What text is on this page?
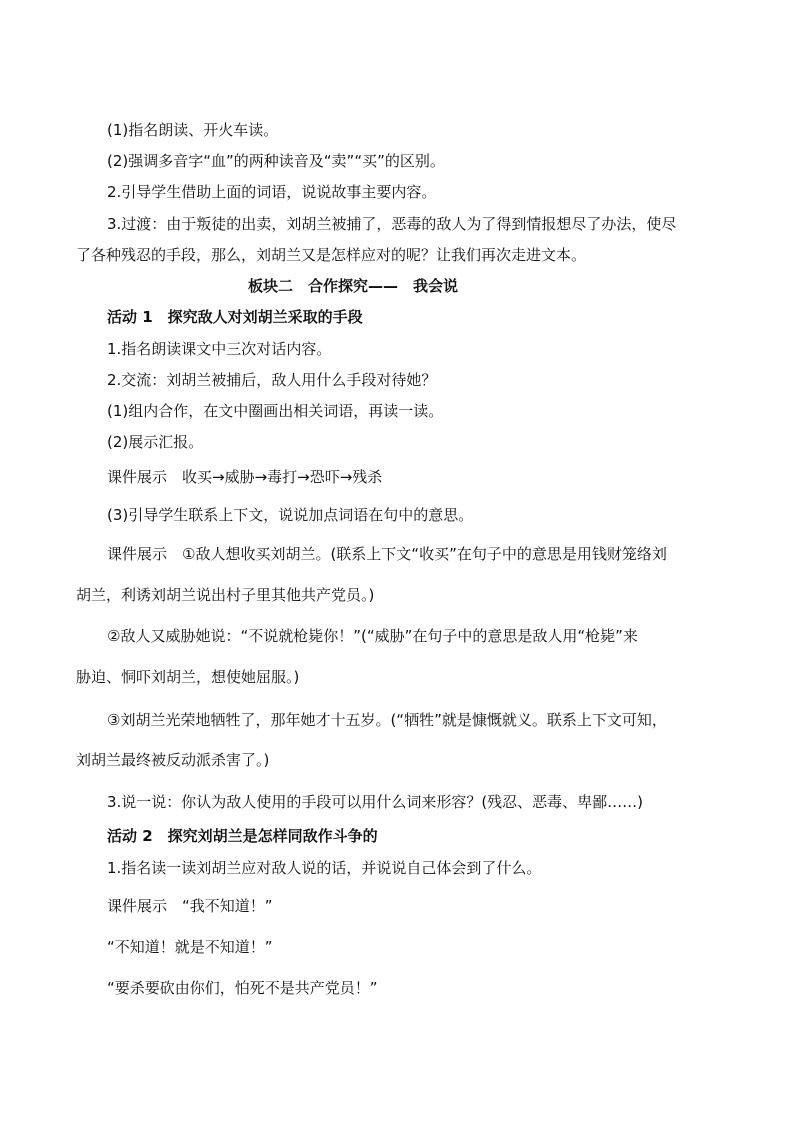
(1)指名朗读、开火车读。
(2)强调多音字“血”的两种读音及“卖”“买”的区别。
2.引导学生借助上面的词语，说说故事主要内容。
3.过渡：由于叛徒的出卖，刘胡兰被捕了，恶毒的敌人为了得到情报想尽了办法，使尽
了各种残忍的手段，那么，刘胡兰又是怎样应对的呢？让我们再次走进文本。
板块二　合作探究——　我会说
活动 1　探究敌人对刘胡兰采取的手段
1.指名朗读课文中三次对话内容。
2.交流：刘胡兰被捕后，敌人用什么手段对待她？
(1)组内合作，在文中圈画出相关词语，再读一读。
(2)展示汇报。
课件展示　收买→威胁→毒打→恐吓→残杀
(3)引导学生联系上下文，说说加点词语在句中的意思。
课件展示　①敌人想收买刘胡兰。(联系上下文“收买”在句子中的意思是用钱财笼络刘
胡兰，利诱刘胡兰说出村子里其他共产党员。)
②敌人又威胁她说：“不说就枪毙你！”(“威胁”在句子中的意思是敌人用“枪毙”来
胁迫、恫吓刘胡兰，想使她屈服。)
③刘胡兰光荣地牺牲了，那年她才十五岁。(“牺牲”就是慷慨就义。联系上下文可知，
刘胡兰最终被反动派杀害了。)
3.说一说：你认为敌人使用的手段可以用什么词来形容？(残忍、恶毒、卑鄙……)
活动 2　探究刘胡兰是怎样同敌作斗争的
1.指名读一读刘胡兰应对敌人说的话，并说说自己体会到了什么。
课件展示　“我不知道！”
“不知道！就是不知道！”
“要杀要砍由你们，怕死不是共产党员！”
